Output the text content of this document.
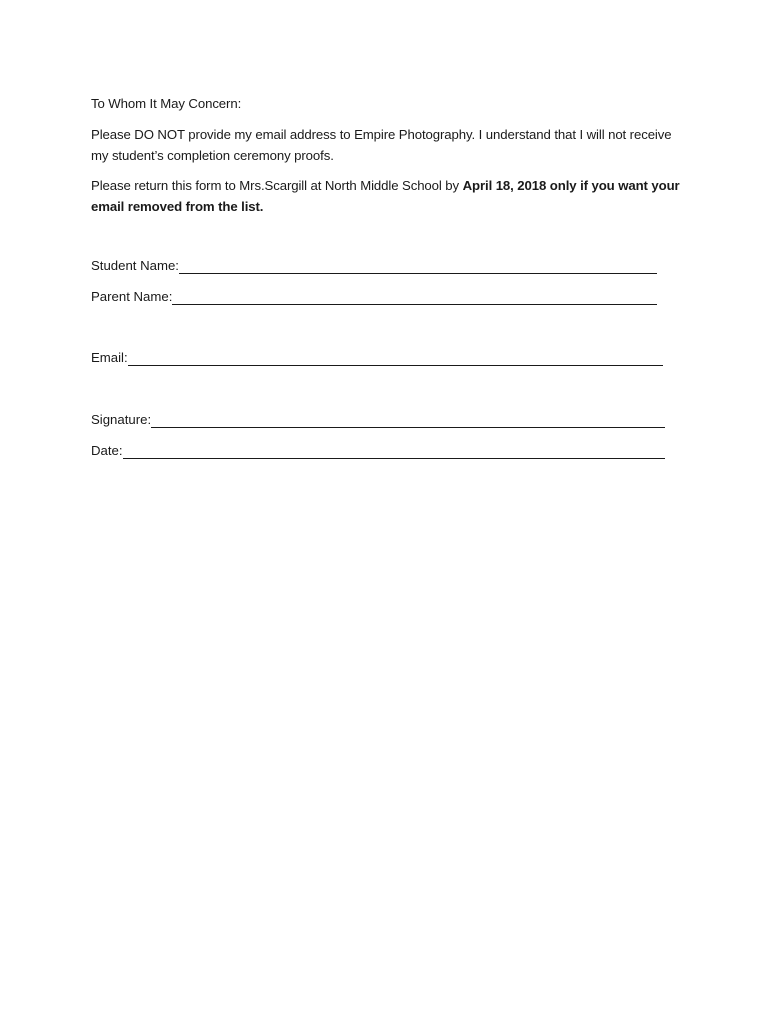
To Whom It May Concern:
Please DO NOT provide my email address to Empire Photography. I understand that I will not receive my student’s completion ceremony proofs.
Please return this form to Mrs.Scargill at North Middle School by April 18, 2018 only if you want your email removed from the list.
Student Name:
Parent Name:
Email:
Signature:
Date:
